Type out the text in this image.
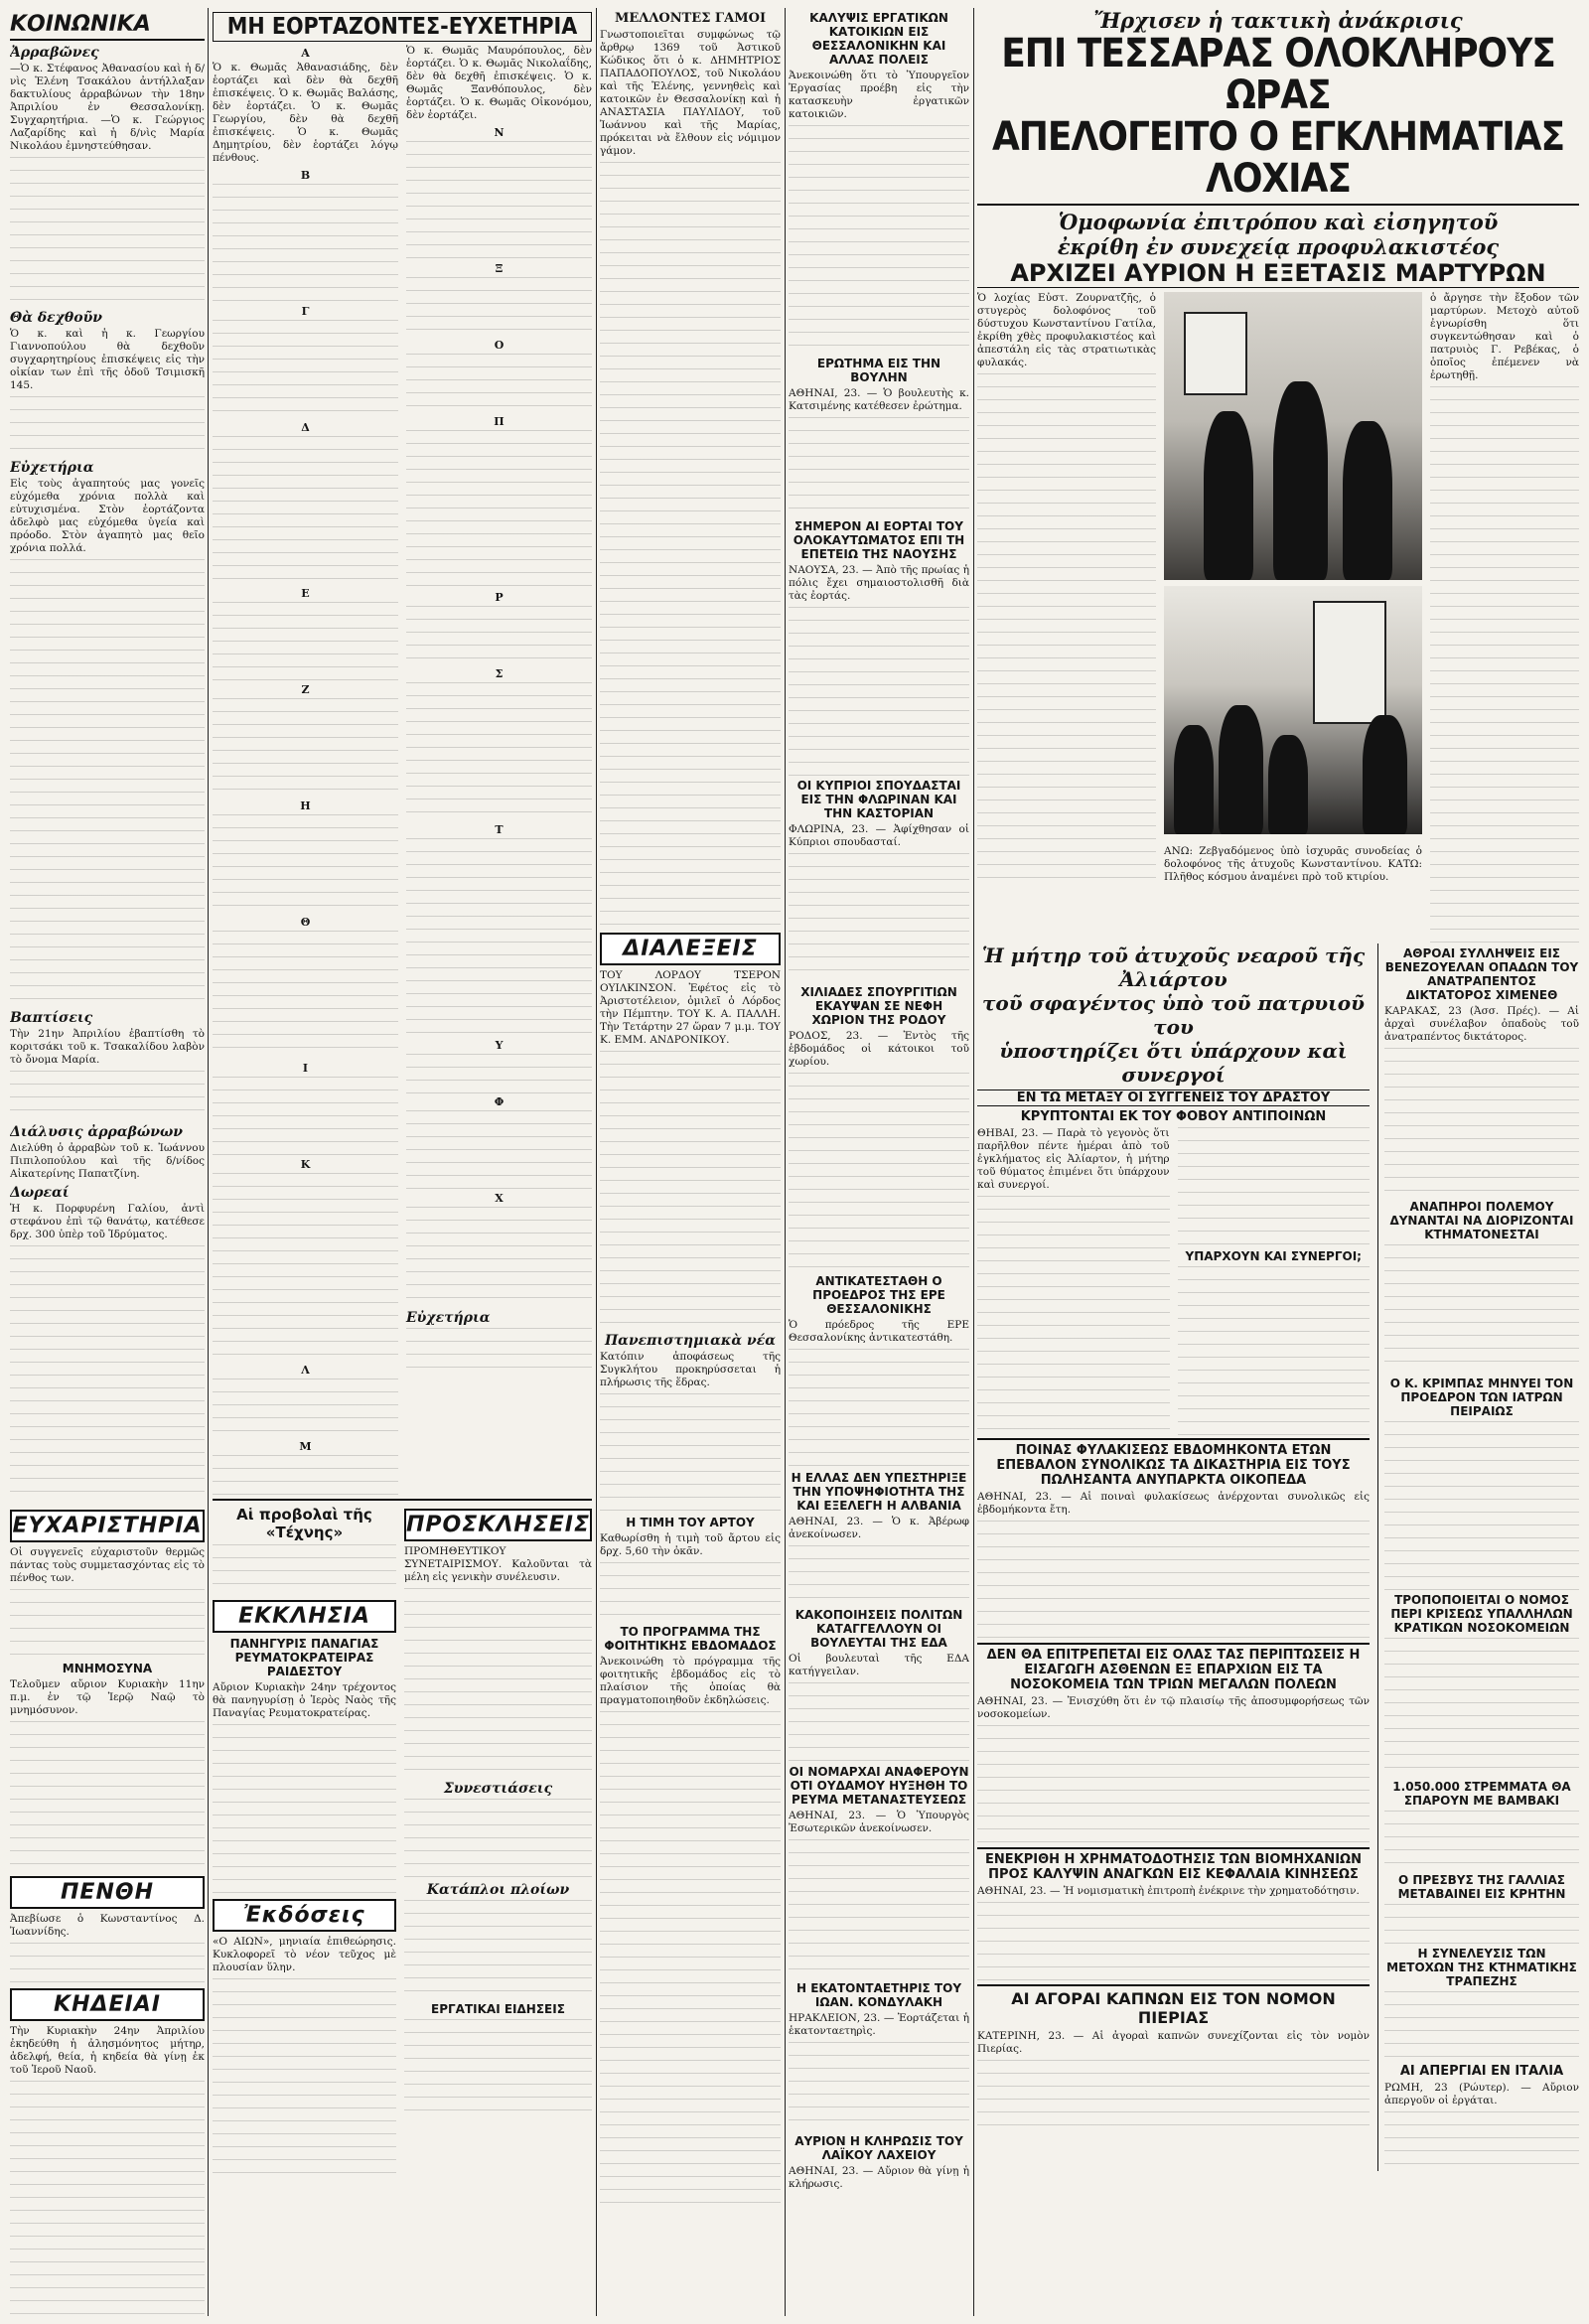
ΚΟΙΝΩΝΙΚΑ
Ἀρραβῶνες

—Ὁ κ. Στέφανος Ἀθανασίου καὶ ἡ δ/νὶς Ἑλένη Τσακάλου ἀντήλλαξαν δακτυλίους ἀρραβώνων τὴν 18ην Ἀπριλίου ἐν Θεσσαλονίκῃ. Συγχαρητήρια. —Ὁ κ. Γεώργιος Λαζαρίδης καὶ ἡ δ/νὶς Μαρία Νικολάου ἐμνηστεύθησαν.

Θὰ δεχθοῦν

Ὁ κ. καὶ ἡ κ. Γεωργίου Γιαννοπούλου θὰ δεχθοῦν συγχαρητηρίους ἐπισκέψεις εἰς τὴν οἰκίαν των ἐπὶ τῆς ὁδοῦ Τσιμισκῆ 145.

Εὐχετήρια

Εἰς τοὺς ἀγαπητούς μας γονεῖς εὐχόμεθα χρόνια πολλὰ καὶ εὐτυχισμένα. Στὸν ἐορτάζοντα ἀδελφὸ μας εὐχόμεθα ὑγεία καὶ πρόοδο. Στὸν ἀγαπητὸ μας θεῖο χρόνια πολλά.

Βαπτίσεις

Τὴν 21ην Ἀπριλίου ἐβαπτίσθη τὸ κοριτσάκι τοῦ κ. Τσακαλίδου λαβὸν τὸ ὄνομα Μαρία.

Διάλυσις ἀρραβώνων

Διελύθη ὁ ἀρραβὼν τοῦ κ. Ἰωάννου Πιπιλοπούλου καὶ τῆς δ/νίδος Αἰκατερίνης Παπατζίνη.

Δωρεαί

Ἡ κ. Πορφυρένη Γαλίου, ἀντὶ στεφάνου ἐπὶ τῷ θανάτῳ, κατέθεσε δρχ. 300 ὑπὲρ τοῦ Ἱδρύματος.

ΕΥΧΑΡΙΣΤΗΡΙΑ

Οἱ συγγενεῖς εὐχαριστοῦν θερμῶς πάντας τοὺς συμμετασχόντας εἰς τὸ πένθος των.

ΜΝΗΜΟΣΥΝΑ

Τελοῦμεν αὔριον Κυριακὴν 11ην π.μ. ἐν τῷ Ἱερῷ Ναῷ τὸ μνημόσυνον.

ΠΕΝΘΗ

Ἀπεβίωσε ὁ Κωνσταντίνος Δ. Ἰωαννίδης.

ΚΗΔΕΙΑΙ

Τὴν Κυριακὴν 24ην Ἀπριλίου ἐκηδεύθη ἡ ἀλησμόνητος μήτηρ, ἀδελφή, θεία, ἡ κηδεία θὰ γίνῃ ἐκ τοῦ Ἱεροῦ Ναοῦ.

ΜΗ ΕΟΡΤΑΖΟΝΤΕΣ-ΕΥΧΕΤΗΡΙΑ
Α

Ὁ κ. Θωμᾶς Ἀθανασιάδης, δὲν ἑορτάζει καὶ δὲν θὰ δεχθῆ ἐπισκέψεις. Ὁ κ. Θωμᾶς Βαλάσης, δὲν ἑορτάζει. Ὁ κ. Θωμᾶς Γεωργίου, δὲν θὰ δεχθῆ ἐπισκέψεις. Ὁ κ. Θωμᾶς Δημητρίου, δὲν ἑορτάζει λόγῳ πένθους.

Β
Γ
Δ
Ε
Ζ
Η
Θ
Ι
Κ
Λ
Μ

Ὁ κ. Θωμᾶς Μαυρόπουλος, δὲν ἑορτάζει. Ὁ κ. Θωμᾶς Νικολαΐδης, δὲν θὰ δεχθῆ ἐπισκέψεις. Ὁ κ. Θωμᾶς Ξανθόπουλος, δὲν ἑορτάζει. Ὁ κ. Θωμᾶς Οἰκονόμου, δὲν ἑορτάζει.

Ν
Ξ
Ο
Π
Ρ
Σ
Τ
Υ
Φ
Χ
Εὐχετήρια
Αἱ προβολαὶ τῆς «Τέχνης»
ΕΚΚΛΗΣΙΑ
ΠΑΝΗΓΥΡΙΣ ΠΑΝΑΓΙΑΣ ΡΕΥΜΑΤΟΚΡΑΤΕΙΡΑΣ ΡΑΙΔΕΣΤΟΥ

Αὔριον Κυριακὴν 24ην τρέχοντος θὰ πανηγυρίσῃ ὁ Ἱερὸς Ναὸς τῆς Παναγίας Ρευματοκρατείρας.

Ἐκδόσεις

«Ο ΑΙΩΝ», μηνιαία ἐπιθεώρησις. Κυκλοφορεῖ τὸ νέον τεῦχος μὲ πλουσίαν ὕλην.

ΠΡΟΣΚΛΗΣΕΙΣ

ΠΡΟΜΗΘΕΥΤΙΚΟΥ ΣΥΝΕΤΑΙΡΙΣΜΟΥ. Καλοῦνται τὰ μέλη εἰς γενικὴν συνέλευσιν.

Συνεστιάσεις
Κατάπλοι πλοίων
ΕΡΓΑΤΙΚΑΙ ΕΙΔΗΣΕΙΣ
ΜΕΛΛΟΝΤΕΣ ΓΑΜΟΙ

Γνωστοποιεῖται συμφώνως τῷ ἄρθρῳ 1369 τοῦ Ἀστικοῦ Κώδικος ὅτι ὁ κ. ΔΗΜΗΤΡΙΟΣ ΠΑΠΑΔΟΠΟΥΛΟΣ, τοῦ Νικολάου καὶ τῆς Ἑλένης, γεννηθεὶς καὶ κατοικῶν ἐν Θεσσαλονίκῃ καὶ ἡ ΑΝΑΣΤΑΣΙΑ ΠΑΥΛΙΔΟΥ, τοῦ Ἰωάννου καὶ τῆς Μαρίας, πρόκειται νὰ ἔλθουν εἰς νόμιμον γάμον.

ΔΙΑΛΕΞΕΙΣ

ΤΟΥ ΛΟΡΔΟΥ ΤΣΕΡΟΝ ΟΥΙΛΚΙΝΣΟΝ. Ἐφέτος εἰς τὸ Ἀριστοτέλειον, ὁμιλεῖ ὁ Λόρδος τὴν Πέμπτην. ΤΟΥ Κ. Α. ΠΑΛΛΗ. Τὴν Τετάρτην 27 ὥραν 7 μ.μ. ΤΟΥ Κ. ΕΜΜ. ΑΝΔΡΟΝΙΚΟΥ.

Πανεπιστημιακὰ νέα

Κατόπιν ἀποφάσεως τῆς Συγκλήτου προκηρύσσεται ἡ πλήρωσις τῆς ἕδρας.

Η ΤΙΜΗ ΤΟΥ ΑΡΤΟΥ

Καθωρίσθη ἡ τιμὴ τοῦ ἄρτου εἰς δρχ. 5,60 τὴν ὀκᾶν.

ΤΟ ΠΡΟΓΡΑΜΜΑ ΤΗΣ ΦΟΙΤΗΤΙΚΗΣ ΕΒΔΟΜΑΔΟΣ

Ἀνεκοινώθη τὸ πρόγραμμα τῆς φοιτητικῆς ἑβδομάδος εἰς τὸ πλαίσιον τῆς ὁποίας θὰ πραγματοποιηθοῦν ἐκδηλώσεις.

ΚΑΛΥΨΙΣ ΕΡΓΑΤΙΚΩΝ ΚΑΤΟΙΚΙΩΝ ΕΙΣ ΘΕΣΣΑΛΟΝΙΚΗΝ ΚΑΙ ΑΛΛΑΣ ΠΟΛΕΙΣ

Ἀνεκοινώθη ὅτι τὸ Ὑπουργεῖον Ἐργασίας προέβη εἰς τὴν κατασκευὴν ἐργατικῶν κατοικιῶν.

ΕΡΩΤΗΜΑ ΕΙΣ ΤΗΝ ΒΟΥΛΗΝ

ΑΘΗΝΑΙ, 23. — Ὁ βουλευτὴς κ. Κατσιμένης κατέθεσεν ἐρώτημα.

ΣΗΜΕΡΟΝ ΑΙ ΕΟΡΤΑΙ ΤΟΥ ΟΛΟΚΑΥΤΩΜΑΤΟΣ ΕΠΙ ΤΗ ΕΠΕΤΕΙΩ ΤΗΣ ΝΑΟΥΣΗΣ

ΝΑΟΥΣΑ, 23. — Ἀπὸ τῆς πρωίας ἡ πόλις ἔχει σημαιοστολισθῆ διὰ τὰς ἐορτάς.

ΟΙ ΚΥΠΡΙΟΙ ΣΠΟΥΔΑΣΤΑΙ ΕΙΣ ΤΗΝ ΦΛΩΡΙΝΑΝ ΚΑΙ ΤΗΝ ΚΑΣΤΟΡΙΑΝ

ΦΛΩΡΙΝΑ, 23. — Ἀφίχθησαν οἱ Κύπριοι σπουδασταί.

ΧΙΛΙΑΔΕΣ ΣΠΟΥΡΓΙΤΙΩΝ ΕΚΑΥΨΑΝ ΣΕ ΝΕΦΗ ΧΩΡΙΟΝ ΤΗΣ ΡΟΔΟΥ

ΡΟΔΟΣ, 23. — Ἐντὸς τῆς ἑβδομάδος οἱ κάτοικοι τοῦ χωρίου.

ΑΝΤΙΚΑΤΕΣΤΑΘΗ Ο ΠΡΟΕΔΡΟΣ ΤΗΣ ΕΡΕ ΘΕΣΣΑΛΟΝΙΚΗΣ

Ὁ πρόεδρος τῆς ΕΡΕ Θεσσαλονίκης ἀντικατεστάθη.

Η ΕΛΛΑΣ ΔΕΝ ΥΠΕΣΤΗΡΙΞΕ ΤΗΝ ΥΠΟΨΗΦΙΟΤΗΤΑ ΤΗΣ ΚΑΙ ΕΞΕΛΕΓΗ Η ΑΛΒΑΝΙΑ

ΑΘΗΝΑΙ, 23. — Ὁ κ. Ἀβέρωφ ἀνεκοίνωσεν.

ΚΑΚΟΠΟΙΗΣΕΙΣ ΠΟΛΙΤΩΝ ΚΑΤΑΓΓΕΛΛΟΥΝ ΟΙ ΒΟΥΛΕΥΤΑΙ ΤΗΣ ΕΔΑ

Οἱ βουλευταὶ τῆς ΕΔΑ κατήγγειλαν.

ΟΙ ΝΟΜΑΡΧΑΙ ΑΝΑΦΕΡΟΥΝ ΟΤΙ ΟΥΔΑΜΟΥ ΗΥΞΗΘΗ ΤΟ ΡΕΥΜΑ ΜΕΤΑΝΑΣΤΕΥΣΕΩΣ

ΑΘΗΝΑΙ, 23. — Ὁ Ὑπουργὸς Ἐσωτερικῶν ἀνεκοίνωσεν.

Η ΕΚΑΤΟΝΤΑΕΤΗΡΙΣ ΤΟΥ ΙΩΑΝ. ΚΟΝΔΥΛΑΚΗ

ΗΡΑΚΛΕΙΟΝ, 23. — Ἑορτάζεται ἡ ἑκατονταετηρὶς.

ΑΥΡΙΟΝ Η ΚΛΗΡΩΣΙΣ ΤΟΥ ΛΑΪΚΟΥ ΛΑΧΕΙΟΥ

ΑΘΗΝΑΙ, 23. — Αὔριον θὰ γίνῃ ἡ κλήρωσις.

Ἤρχισεν ἡ τακτικὴ ἀνάκρισις
ΕΠΙ ΤΕΣΣΑΡΑΣ ΟΛΟΚΛΗΡΟΥΣ ΩΡΑΣ
ΑΠΕΛΟΓΕΙΤΟ Ο ΕΓΚΛΗΜΑΤΙΑΣ ΛΟΧΙΑΣ
Ὁμοφωνία ἐπιτρόπου καὶ εἰσηγητοῦ
ἐκρίθη ἐν συνεχείᾳ προφυλακιστέος
ΑΡΧΙΖΕΙ ΑΥΡΙΟΝ Η ΕΞΕΤΑΣΙΣ ΜΑΡΤΥΡΩΝ

Ὁ λοχίας Εὐστ. Ζουρνατζῆς, ὁ στυγερὸς δολοφόνος τοῦ δύστυχου Κωνσταντίνου Γατίλα, ἐκρίθη χθὲς προφυλακιστέος καὶ ἀπεστάλη εἰς τὰς στρατιωτικὰς φυλακάς.

ΑΝΩ: Ζεβγαδόμενος ὑπὸ ἰσχυρᾶς συνοδείας ὁ δολοφόνος τῆς ἀτυχοῦς Κωνσταντίνου. ΚΑΤΩ: Πλῆθος κόσμου ἀναμένει πρὸ τοῦ κτιρίου.

ὁ ἄργησε τὴν ἔξοδον τῶν μαρτύρων. Μετοχὸ αὐτοῦ ἐγνωρίσθη ὅτι συγκεντώθησαν καὶ ὁ πατρυιὸς Γ. Ρεβέκας, ὁ ὁποῖος ἐπέμενεν νὰ ἐρωτηθῇ.

Ἡ μήτηρ τοῦ ἀτυχοῦς νεαροῦ τῆς Ἀλιάρτου
τοῦ σφαγέντος ὑπὸ τοῦ πατρυιοῦ του
ὑποστηρίζει ὅτι ὑπάρχουν καὶ συνεργοί
ΕΝ ΤΩ ΜΕΤΑΞΥ ΟΙ ΣΥΓΓΕΝΕΙΣ ΤΟΥ ΔΡΑΣΤΟΥ
ΚΡΥΠΤΟΝΤΑΙ ΕΚ ΤΟΥ ΦΟΒΟΥ ΑΝΤΙΠΟΙΝΩΝ

ΘΗΒΑΙ, 23. — Παρὰ τὸ γεγονὸς ὅτι παρῆλθον πέντε ἡμέραι ἀπὸ τοῦ ἐγκλήματος εἰς Ἀλίαρτον, ἡ μήτηρ τοῦ θύματος ἐπιμένει ὅτι ὑπάρχουν καὶ συνεργοί.

ΥΠΑΡΧΟΥΝ ΚΑΙ ΣΥΝΕΡΓΟΙ;
ΠΟΙΝΑΣ ΦΥΛΑΚΙΣΕΩΣ ΕΒΔΟΜΗΚΟΝΤΑ ΕΤΩΝ ΕΠΕΒΑΛΟΝ ΣΥΝΟΛΙΚΩΣ ΤΑ ΔΙΚΑΣΤΗΡΙΑ ΕΙΣ ΤΟΥΣ ΠΩΛΗΣΑΝΤΑ ΑΝΥΠΑΡΚΤΑ ΟΙΚΟΠΕΔΑ

ΑΘΗΝΑΙ, 23. — Αἱ ποιναὶ φυλακίσεως ἀνέρχονται συνολικῶς εἰς ἑβδομήκοντα ἔτη.

ΔΕΝ ΘΑ ΕΠΙΤΡΕΠΕΤΑΙ ΕΙΣ ΟΛΑΣ ΤΑΣ ΠΕΡΙΠΤΩΣΕΙΣ Η ΕΙΣΑΓΩΓΗ ΑΣΘΕΝΩΝ ΕΞ ΕΠΑΡΧΙΩΝ ΕΙΣ ΤΑ ΝΟΣΟΚΟΜΕΙΑ ΤΩΝ ΤΡΙΩΝ ΜΕΓΑΛΩΝ ΠΟΛΕΩΝ

ΑΘΗΝΑΙ, 23. — Ἐνισχύθη ὅτι ἐν τῷ πλαισίῳ τῆς ἀποσυμφορήσεως τῶν νοσοκομείων.

ΕΝΕΚΡΙΘΗ Η ΧΡΗΜΑΤΟΔΟΤΗΣΙΣ ΤΩΝ ΒΙΟΜΗΧΑΝΙΩΝ ΠΡΟΣ ΚΑΛΥΨΙΝ ΑΝΑΓΚΩΝ ΕΙΣ ΚΕΦΑΛΑΙΑ ΚΙΝΗΣΕΩΣ

ΑΘΗΝΑΙ, 23. — Ἡ νομισματικὴ ἐπιτροπὴ ἐνέκρινε τὴν χρηματοδότησιν.

ΑΙ ΑΓΟΡΑΙ ΚΑΠΝΩΝ ΕΙΣ ΤΟΝ ΝΟΜΟΝ ΠΙΕΡΙΑΣ

ΚΑΤΕΡΙΝΗ, 23. — Αἱ ἀγοραὶ καπνῶν συνεχίζονται εἰς τὸν νομὸν Πιερίας.

ΑΘΡΟΑΙ ΣΥΛΛΗΨΕΙΣ ΕΙΣ ΒΕΝΕΖΟΥΕΛΑΝ ΟΠΑΔΩΝ ΤΟΥ ΑΝΑΤΡΑΠΕΝΤΟΣ ΔΙΚΤΑΤΟΡΟΣ ΧΙΜΕΝΕΘ

ΚΑΡΑΚΑΣ, 23 (Ἀσσ. Πρές). — Αἱ ἀρχαὶ συνέλαβον ὀπαδοὺς τοῦ ἀνατραπέντος δικτάτορος.

ΑΝΑΠΗΡΟΙ ΠΟΛΕΜΟΥ ΔΥΝΑΝΤΑΙ ΝΑ ΔΙΟΡΙΖΟΝΤΑΙ ΚΤΗΜΑΤΟΝΕΣΤΑΙ
Ο Κ. ΚΡΙΜΠΑΣ ΜΗΝΥΕΙ ΤΟΝ ΠΡΟΕΔΡΟΝ ΤΩΝ ΙΑΤΡΩΝ ΠΕΙΡΑΙΩΣ
ΤΡΟΠΟΠΟΙΕΙΤΑΙ Ο ΝΟΜΟΣ ΠΕΡΙ ΚΡΙΣΕΩΣ ΥΠΑΛΛΗΛΩΝ ΚΡΑΤΙΚΩΝ ΝΟΣΟΚΟΜΕΙΩΝ
1.050.000 ΣΤΡΕΜΜΑΤΑ ΘΑ ΣΠΑΡΟΥΝ ΜΕ ΒΑΜΒΑΚΙ
Ο ΠΡΕΣΒΥΣ ΤΗΣ ΓΑΛΛΙΑΣ ΜΕΤΑΒΑΙΝΕΙ ΕΙΣ ΚΡΗΤΗΝ
Η ΣΥΝΕΛΕΥΣΙΣ ΤΩΝ ΜΕΤΟΧΩΝ ΤΗΣ ΚΤΗΜΑΤΙΚΗΣ ΤΡΑΠΕΖΗΣ
ΑΙ ΑΠΕΡΓΙΑΙ ΕΝ ΙΤΑΛΙΑ

ΡΩΜΗ, 23 (Ρώυτερ). — Αὔριον ἀπεργοῦν οἱ ἐργάται.
